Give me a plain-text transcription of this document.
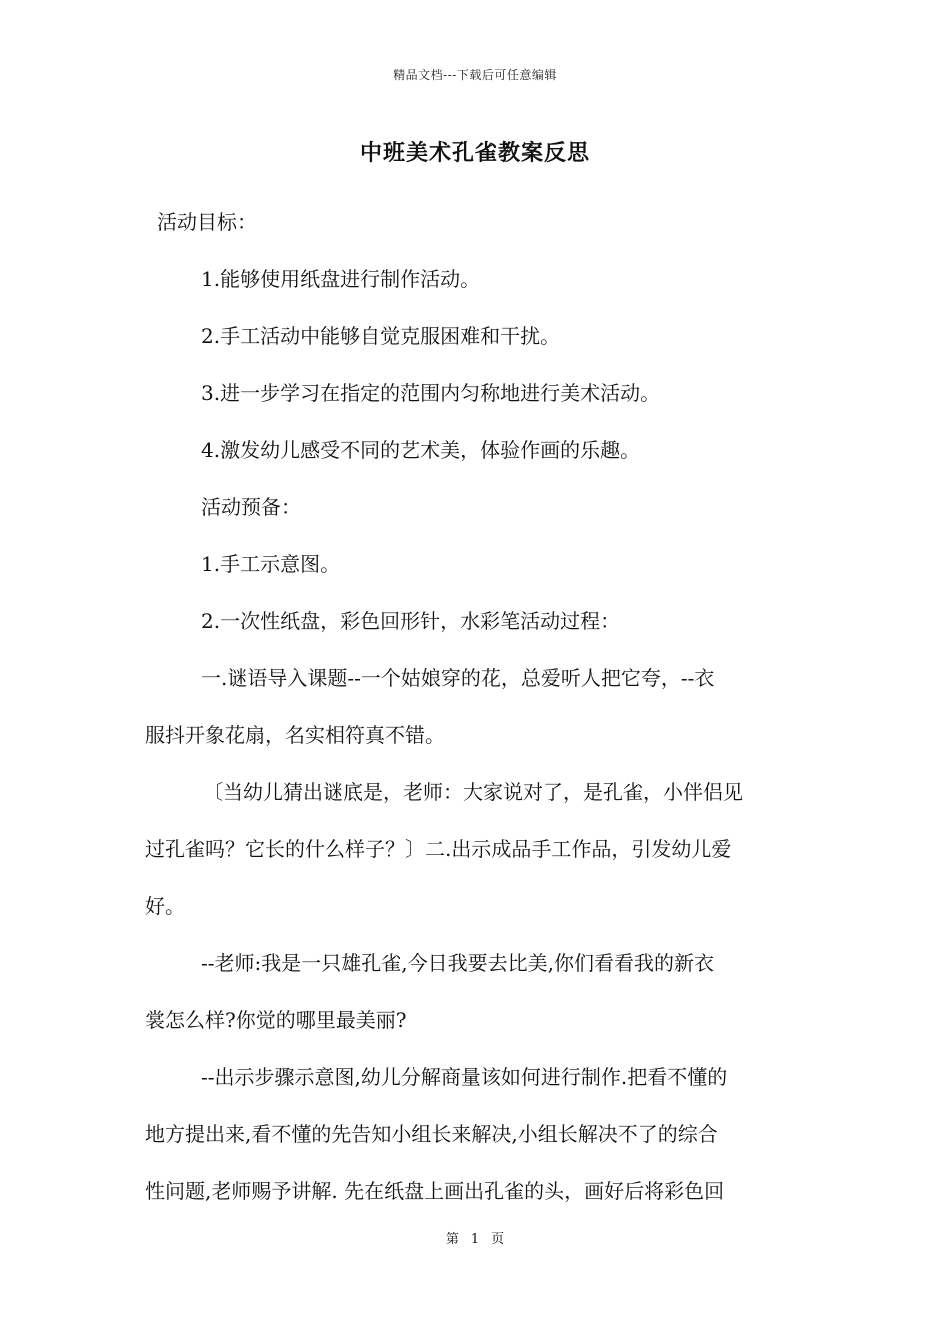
精品文档---下载后可任意编辑
中班美术孔雀教案反思
活动目标：
1.能够使用纸盘进行制作活动。
2.手工活动中能够自觉克服困难和干扰。
3.进一步学习在指定的范围内匀称地进行美术活动。
4.激发幼儿感受不同的艺术美，体验作画的乐趣。
活动预备：
1.手工示意图。
2.一次性纸盘，彩色回形针，水彩笔活动过程：
一.谜语导入课题--一个姑娘穿的花，总爱听人把它夸，--衣
服抖开象花扇，名实相符真不错。
〔当幼儿猜出谜底是，老师：大家说对了，是孔雀，小伴侣见
过孔雀吗？它长的什么样子？〕二.出示成品手工作品，引发幼儿爱
好。
--老师:我是一只雄孔雀,今日我要去比美,你们看看我的新衣
裳怎么样?你觉的哪里最美丽?
--出示步骤示意图,幼儿分解商量该如何进行制作.把看不懂的
地方提出来,看不懂的先告知小组长来解决,小组长解决不了的综合
性问题,老师赐予讲解. 先在纸盘上画出孔雀的头，画好后将彩色回
第 1 页
